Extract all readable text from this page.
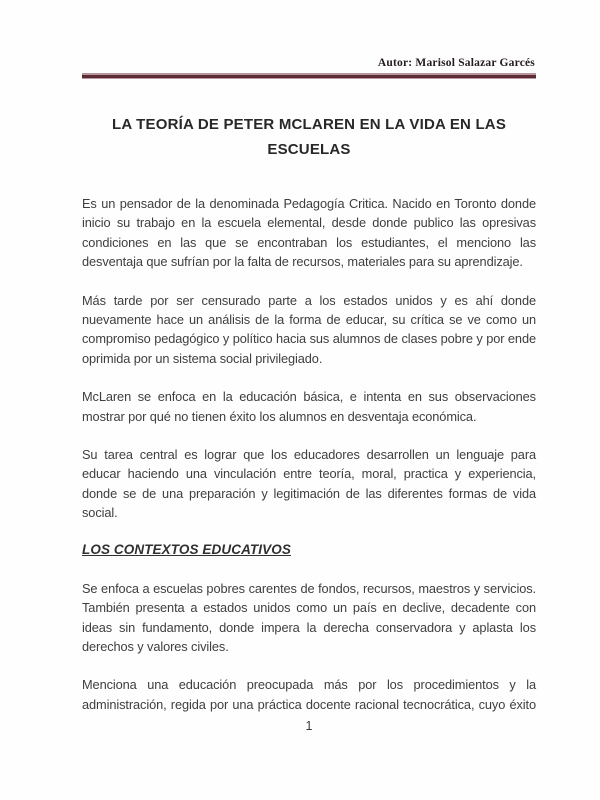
Autor: Marisol Salazar Garcés
LA TEORÍA DE PETER MCLAREN EN LA VIDA EN LAS ESCUELAS

Es un pensador de la denominada Pedagogía Critica. Nacido en Toronto donde inicio su trabajo en la escuela elemental, desde donde publico las opresivas condiciones en las que se encontraban los estudiantes, el menciono las desventaja que sufrían por la falta de recursos, materiales para su aprendizaje.

Más tarde por ser censurado parte a los estados unidos y es ahí donde nuevamente hace un análisis de la forma de educar, su crítica se ve como un compromiso pedagógico y político hacia sus alumnos de clases pobre y por ende oprimida por un sistema social privilegiado.

McLaren se enfoca en la educación básica, e intenta en sus observaciones mostrar por qué no tienen éxito los alumnos en desventaja económica.

Su tarea central es lograr que los educadores desarrollen un lenguaje para educar haciendo una vinculación entre teoría, moral, practica y experiencia, donde se de una preparación y legitimación de las diferentes formas de vida social.

LOS CONTEXTOS EDUCATIVOS

Se enfoca a escuelas pobres carentes de fondos, recursos, maestros y servicios. También presenta a estados unidos como un país en declive, decadente con ideas sin fundamento, donde impera la derecha conservadora y aplasta los derechos y valores civiles.

Menciona una educación preocupada más por los procedimientos y la administración, regida por una práctica docente racional tecnocrática, cuyo éxito

1
